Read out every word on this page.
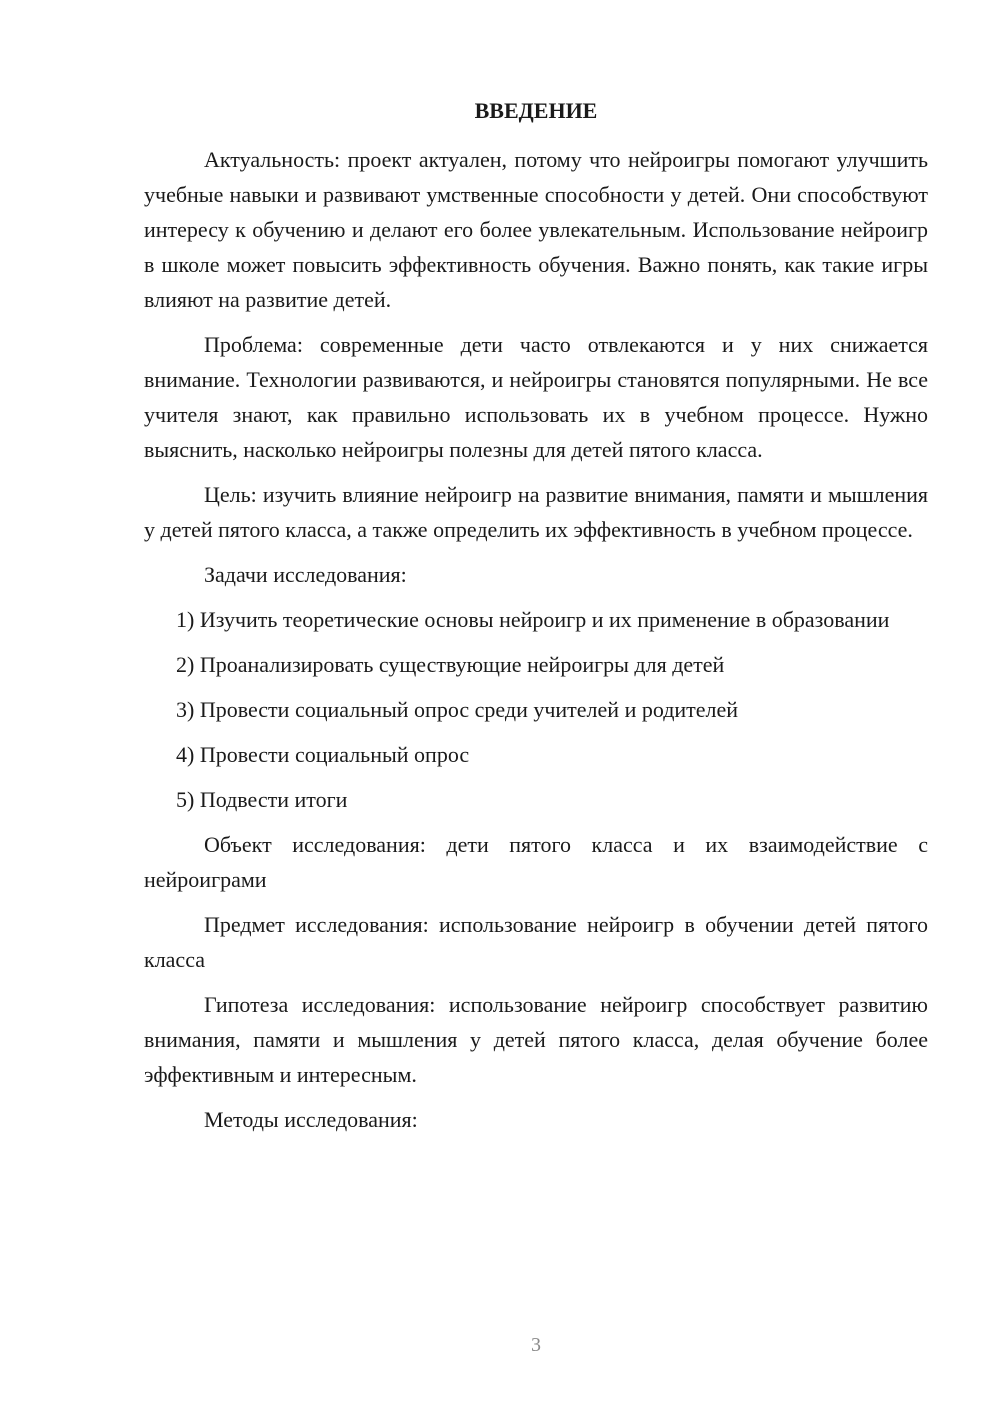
ВВЕДЕНИЕ

Актуальность: проект актуален, потому что нейроигры помогают улучшить учебные навыки и развивают умственные способности у детей. Они способствуют интересу к обучению и делают его более увлекательным. Использование нейроигр в школе может повысить эффективность обучения. Важно понять, как такие игры влияют на развитие детей.

Проблема: современные дети часто отвлекаются и у них снижается внимание. Технологии развиваются, и нейроигры становятся популярными. Не все учителя знают, как правильно использовать их в учебном процессе. Нужно выяснить, насколько нейроигры полезны для детей пятого класса.

Цель: изучить влияние нейроигр на развитие внимания, памяти и мышления у детей пятого класса, а также определить их эффективность в учебном процессе.

Задачи исследования:

1) Изучить теоретические основы нейроигр и их применение в образовании

2) Проанализировать существующие нейроигры для детей

3) Провести социальный опрос среди учителей и родителей

4) Провести социальный опрос

5) Подвести итоги

Объект исследования: дети пятого класса и их взаимодействие с нейроиграми

Предмет исследования: использование нейроигр в обучении детей пятого класса

Гипотеза исследования: использование нейроигр способствует развитию внимания, памяти и мышления у детей пятого класса, делая обучение более эффективным и интересным.

Методы исследования:

3
